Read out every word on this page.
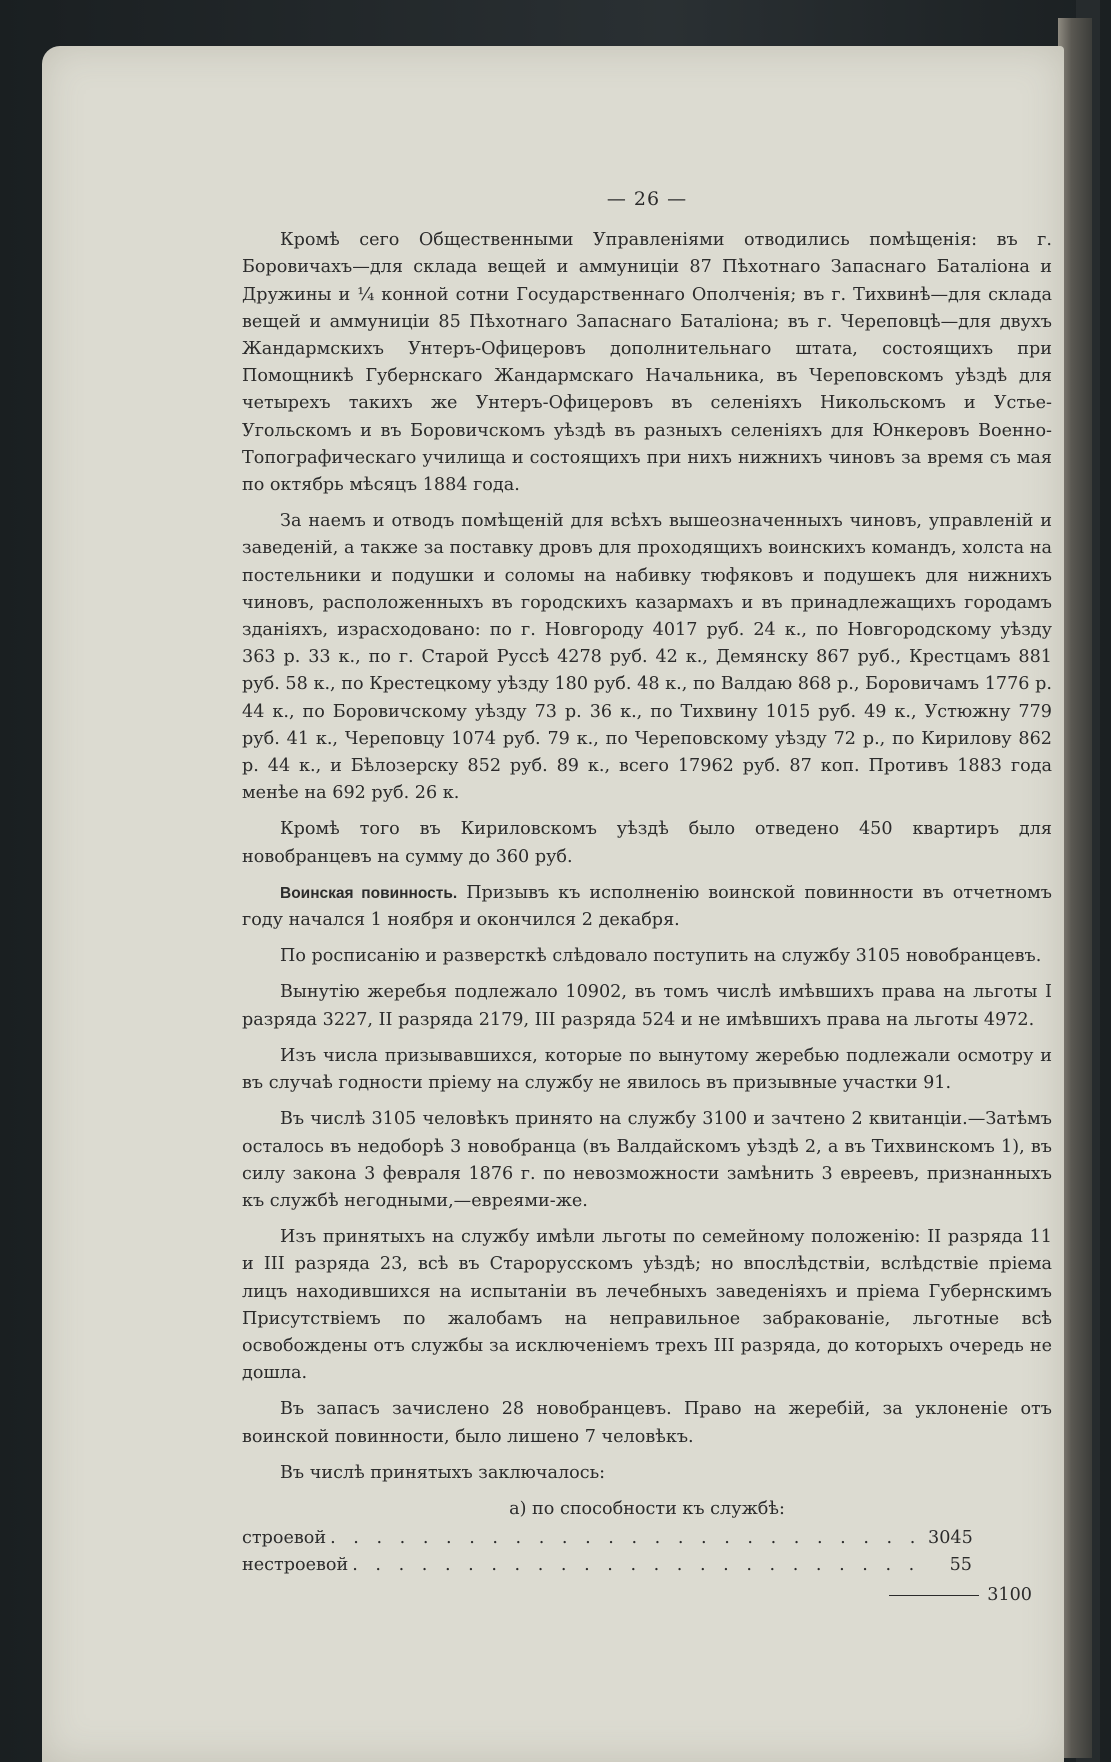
— 26 —

Кромѣ сего Общественными Управленіями отводились помѣщенія: въ г. Боровичахъ—для склада вещей и аммуниціи 87 Пѣхотнаго Запаснаго Баталіона и Дружины и ¼ конной сотни Государственнаго Ополченія; въ г. Тихвинѣ—для склада вещей и аммуниціи 85 Пѣхотнаго Запаснаго Баталіона; въ г. Череповцѣ—для двухъ Жандармскихъ Унтеръ-Офицеровъ дополнительнаго штата, состоящихъ при Помощникѣ Губернскаго Жандармскаго Начальника, въ Череповскомъ уѣздѣ для четырехъ такихъ же Унтеръ-Офицеровъ въ селеніяхъ Никольскомъ и Устье-Угольскомъ и въ Боровичскомъ уѣздѣ въ разныхъ селеніяхъ для Юнкеровъ Военно-Топографическаго училища и состоящихъ при нихъ нижнихъ чиновъ за время съ мая по октябрь мѣсяцъ 1884 года.

За наемъ и отводъ помѣщеній для всѣхъ вышеозначенныхъ чиновъ, управленій и заведеній, а также за поставку дровъ для проходящихъ воинскихъ командъ, холста на постельники и подушки и соломы на набивку тюфяковъ и подушекъ для нижнихъ чиновъ, расположенныхъ въ городскихъ казармахъ и въ принадлежащихъ городамъ зданіяхъ, израсходовано: по г. Новгороду 4017 руб. 24 к., по Новгородскому уѣзду 363 р. 33 к., по г. Старой Руссѣ 4278 руб. 42 к., Демянску 867 руб., Крестцамъ 881 руб. 58 к., по Крестецкому уѣзду 180 руб. 48 к., по Валдаю 868 р., Боровичамъ 1776 р. 44 к., по Боровичскому уѣзду 73 р. 36 к., по Тихвину 1015 руб. 49 к., Устюжну 779 руб. 41 к., Череповцу 1074 руб. 79 к., по Череповскому уѣзду 72 р., по Кирилову 862 р. 44 к., и Бѣлозерску 852 руб. 89 к., всего 17962 руб. 87 коп. Противъ 1883 года менѣе на 692 руб. 26 к.

Кромѣ того въ Кириловскомъ уѣздѣ было отведено 450 квартиръ для новобранцевъ на сумму до 360 руб.

Воинская повинность. Призывъ къ исполненію воинской повинности въ отчетномъ году начался 1 ноября и окончился 2 декабря.

По росписанію и разверсткѣ слѣдовало поступить на службу 3105 новобранцевъ.

Вынутію жеребья подлежало 10902, въ томъ числѣ имѣвшихъ права на льготы I разряда 3227, II разряда 2179, III разряда 524 и не имѣвшихъ права на льготы 4972.

Изъ числа призывавшихся, которые по вынутому жеребью подлежали осмотру и въ случаѣ годности пріему на службу не явилось въ призывные участки 91.

Въ числѣ 3105 человѣкъ принято на службу 3100 и зачтено 2 квитанціи.—Затѣмъ осталось въ недоборѣ 3 новобранца (въ Валдайскомъ уѣздѣ 2, а въ Тихвинскомъ 1), въ силу закона 3 февраля 1876 г. по невозможности замѣнить 3 евреевъ, признанныхъ къ службѣ негодными,—евреями-же.

Изъ принятыхъ на службу имѣли льготы по семейному положенію: II разряда 11 и III разряда 23, всѣ въ Старорусскомъ уѣздѣ; но впослѣдствіи, вслѣдствіе пріема лицъ находившихся на испытаніи въ лечебныхъ заведеніяхъ и пріема Губернскимъ Присутствіемъ по жалобамъ на неправильное забракованіе, льготные всѣ освобождены отъ службы за исключеніемъ трехъ III разряда, до которыхъ очередь не дошла.

Въ запасъ зачислено 28 новобранцевъ. Право на жеребій, за уклоненіе отъ воинской повинности, было лишено 7 человѣкъ.

Въ числѣ принятыхъ заключалось:

а) по способности къ службѣ:
строевой . . .	3045
нестроевой . . .	55
3100
